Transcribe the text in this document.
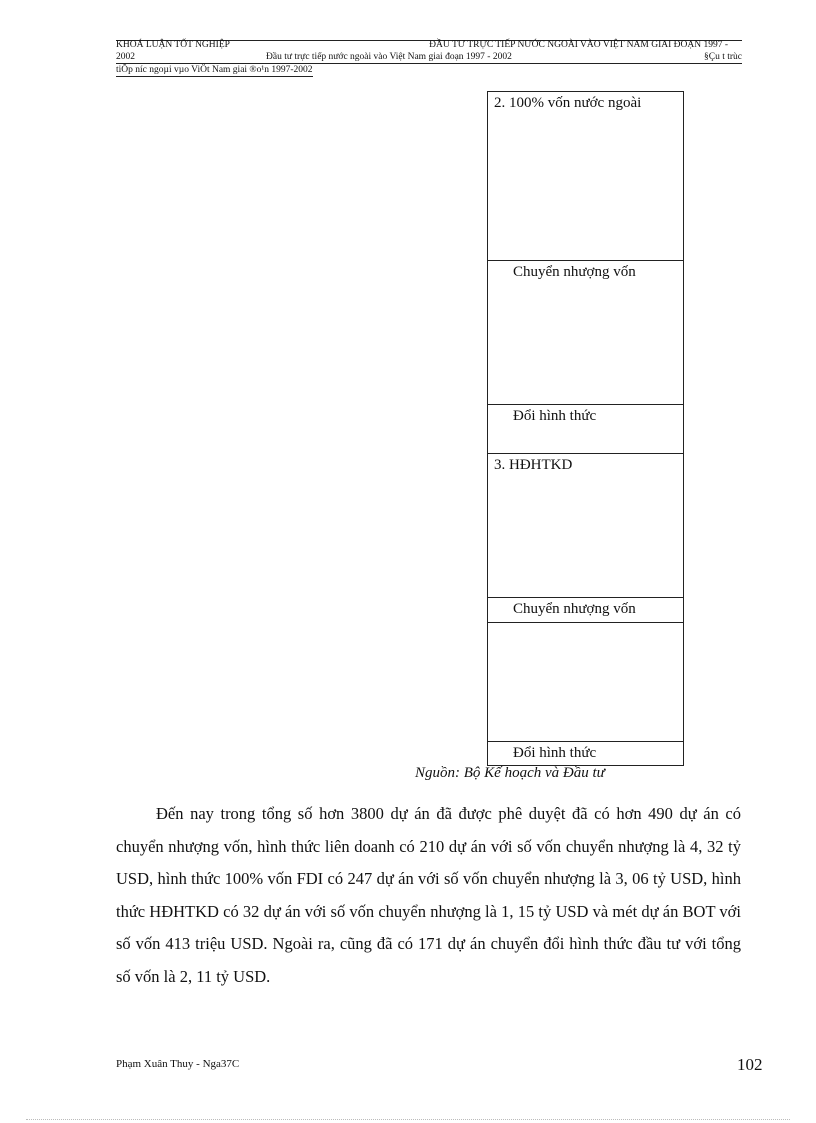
KHOÁ LUẬN TỐT NGHIỆP	ĐẦU TƯ TRỰC TIẾP NƯỚC NGOÀI VÀO VIỆT NAM GIAI ĐOẠN 1997 -
2002	Đầu tư trực tiếp nước ngoài vào Việt Nam giai đoạn 1997 - 2002	§Çu t trùc
tiÕp níc ngoµi vµo ViÖt Nam giai ®o¹n 1997-2002
2. 100% vốn nước ngoài
Chuyển nhượng vốn
Đổi hình thức
3. HĐHTKD
Chuyển nhượng vốn
Đổi hình thức
Nguồn: Bộ Kế hoạch và Đầu tư

Đến nay trong tổng số hơn 3800 dự án đã được phê duyệt đã có hơn 490 dự án có chuyển nhượng vốn, hình thức liên doanh có 210 dự án với số vốn chuyển nhượng là 4, 32 tỷ USD, hình thức 100% vốn FDI có 247 dự án với số vốn chuyển nhượng là 3, 06 tỷ USD, hình thức HĐHTKD có 32 dự án với số vốn chuyển nhượng là 1, 15 tỷ USD và mét dự án BOT với số vốn 413 triệu USD. Ngoài ra, cũng đã có 171 dự án chuyển đổi hình thức đầu tư với tổng số vốn là 2, 11 tỷ USD.

Phạm Xuân Thuy - Nga37C	102
